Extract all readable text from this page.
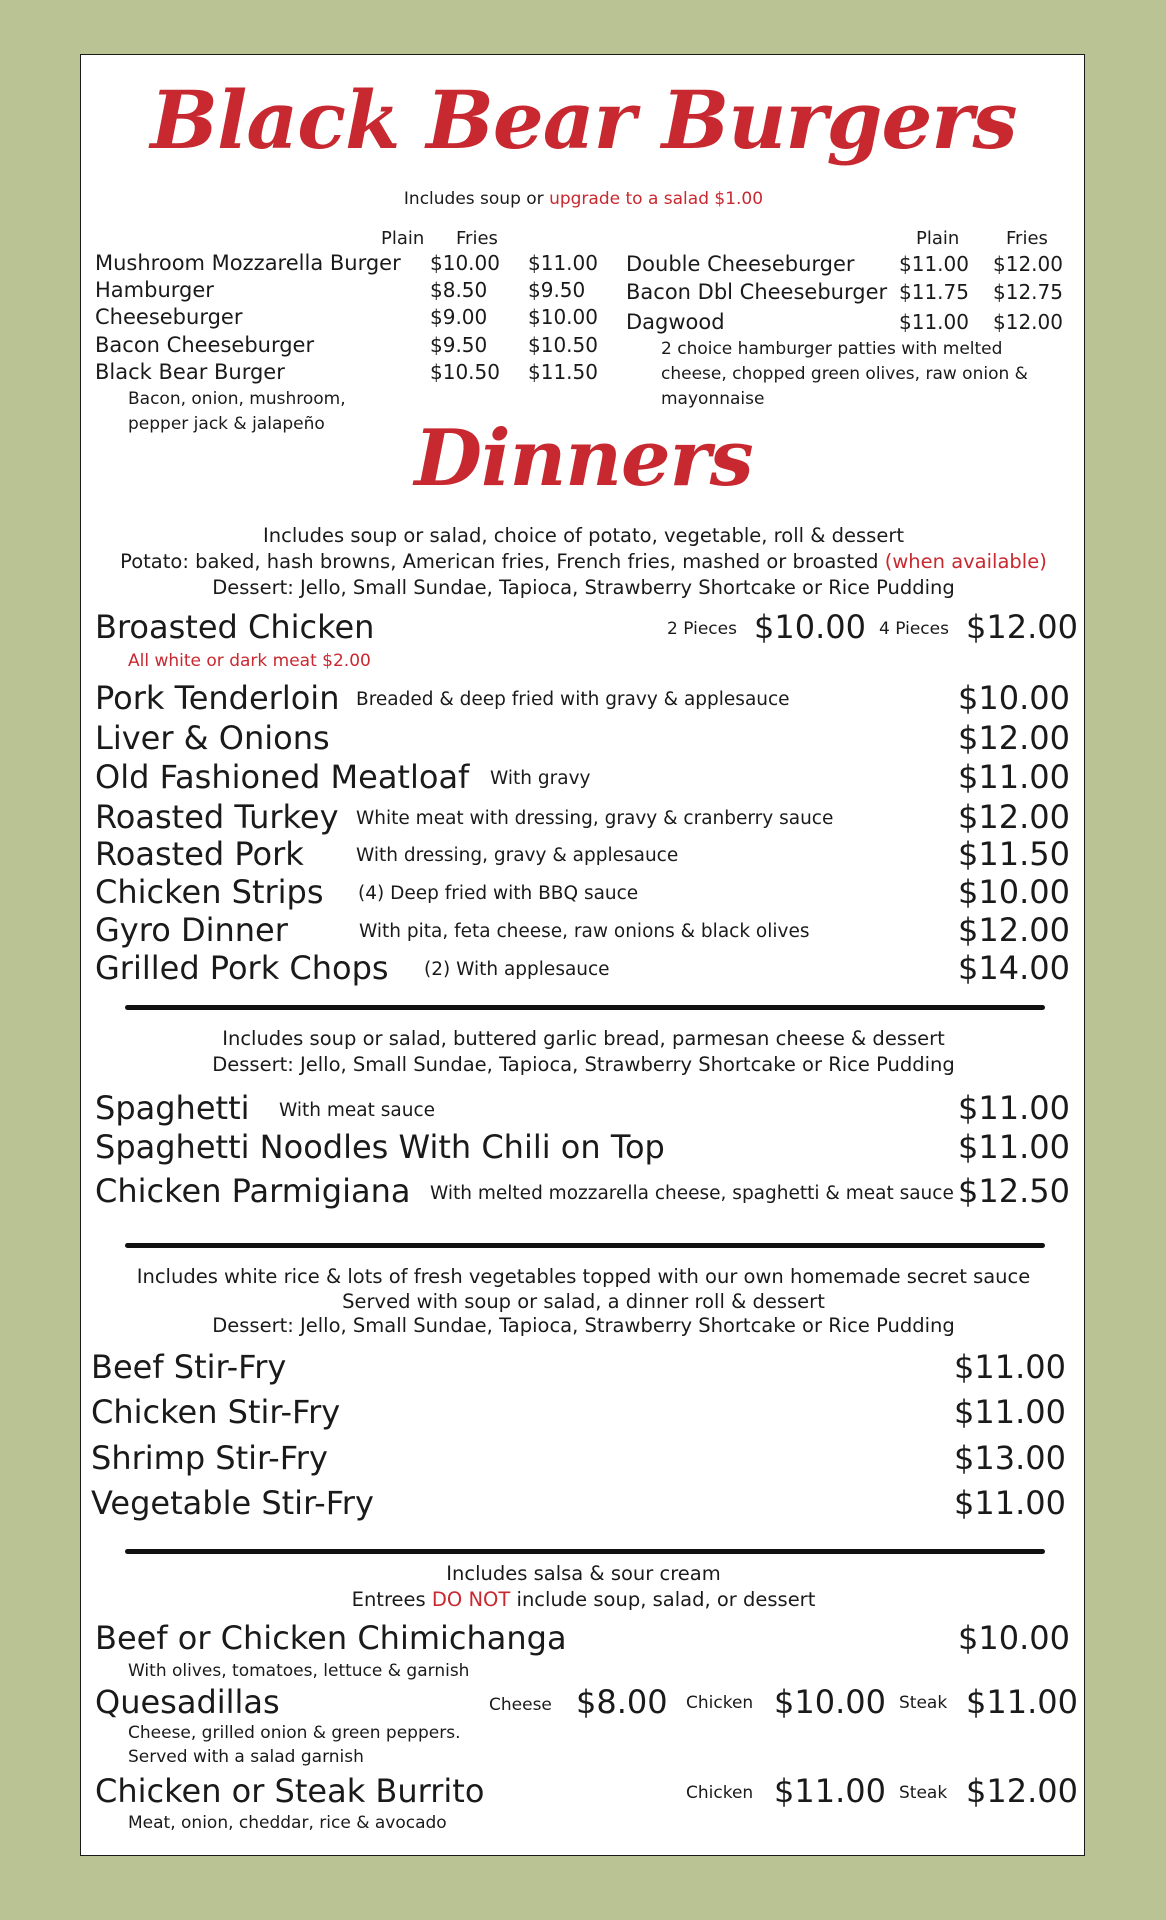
Black Bear Burgers
Includes soup or upgrade to a salad $1.00
Plain Fries	Plain	Fries
Mushroom Mozzarella Burger $10.00 $11.00
Hamburger	$8.50 $9.50
Cheeseburger	$9.00 $10.00
Bacon Cheeseburger	$9.50 $10.50
Black Bear Burger	$10.50 $11.50
Bacon, onion, mushroom,
pepper jack & jalapeño
Double Cheeseburger $11.00 $12.00
Bacon Dbl Cheeseburger $11.75 $12.75
Dagwood	$11.00 $12.00
2 choice hamburger patties with melted
cheese, chopped green olives, raw onion &
mayonnaise
Dinners
Includes soup or salad, choice of potato, vegetable, roll & dessert
Potato: baked, hash browns, American fries, French fries, mashed or broasted (when available)
Dessert: Jello, Small Sundae, Tapioca, Strawberry Shortcake or Rice Pudding
Broasted Chicken
All white or dark meat $2.00
2 Pieces $10.00 4 Pieces $12.00
Pork Tenderloin Breaded & deep fried with gravy & applesauce	$10.00
Liver & Onions	$12.00
Old Fashioned Meatloaf With gravy	$11.00
Roasted Turkey White meat with dressing, gravy & cranberry sauce	$12.00
Roasted Pork	With dressing, gravy & applesauce	$11.50
Chicken Strips (4) Deep fried with BBQ sauce	$10.00
Gyro Dinner	With pita, feta cheese, raw onions & black olives	$12.00
Grilled Pork Chops (2) With applesauce	$14.00
Includes soup or salad, buttered garlic bread, parmesan cheese & dessert
Dessert: Jello, Small Sundae, Tapioca, Strawberry Shortcake or Rice Pudding
Spaghetti With meat sauce	$11.00
Spaghetti Noodles With Chili on Top	$11.00
Chicken Parmigiana With melted mozzarella cheese, spaghetti & meat sauce $12.50
Includes white rice & lots of fresh vegetables topped with our own homemade secret sauce
Served with soup or salad, a dinner roll & dessert
Dessert: Jello, Small Sundae, Tapioca, Strawberry Shortcake or Rice Pudding
Beef Stir-Fry	$11.00
Chicken Stir-Fry	$11.00
Shrimp Stir-Fry	$13.00
Vegetable Stir-Fry	$11.00
Includes salsa & sour cream
Entrees DO NOT include soup, salad, or dessert
Beef or Chicken Chimichanga	$10.00
With olives, tomatoes, lettuce & garnish
Quesadillas	Cheese $8.00 Chicken $10.00 Steak $11.00
Cheese, grilled onion & green peppers.
Served with a salad garnish
Chicken or Steak Burrito	Chicken $11.00 Steak $12.00
Meat, onion, cheddar, rice & avocado
